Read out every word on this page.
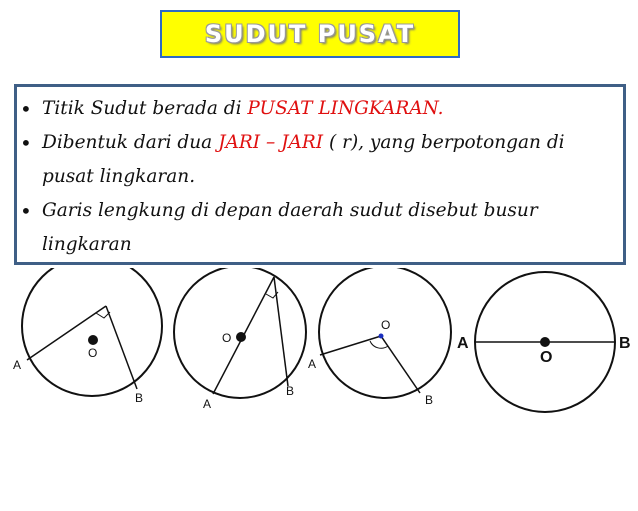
SUDUT PUSAT
• Titik Sudut berada di PUSAT LINGKARAN.
• Dibentuk dari dua JARI – JARI ( r), yang berpotongan di pusat lingkaran.
• Garis lengkung di depan daerah sudut disebut busur lingkaran
O
A
B
O
A
B
O
A
B
O
A	B
